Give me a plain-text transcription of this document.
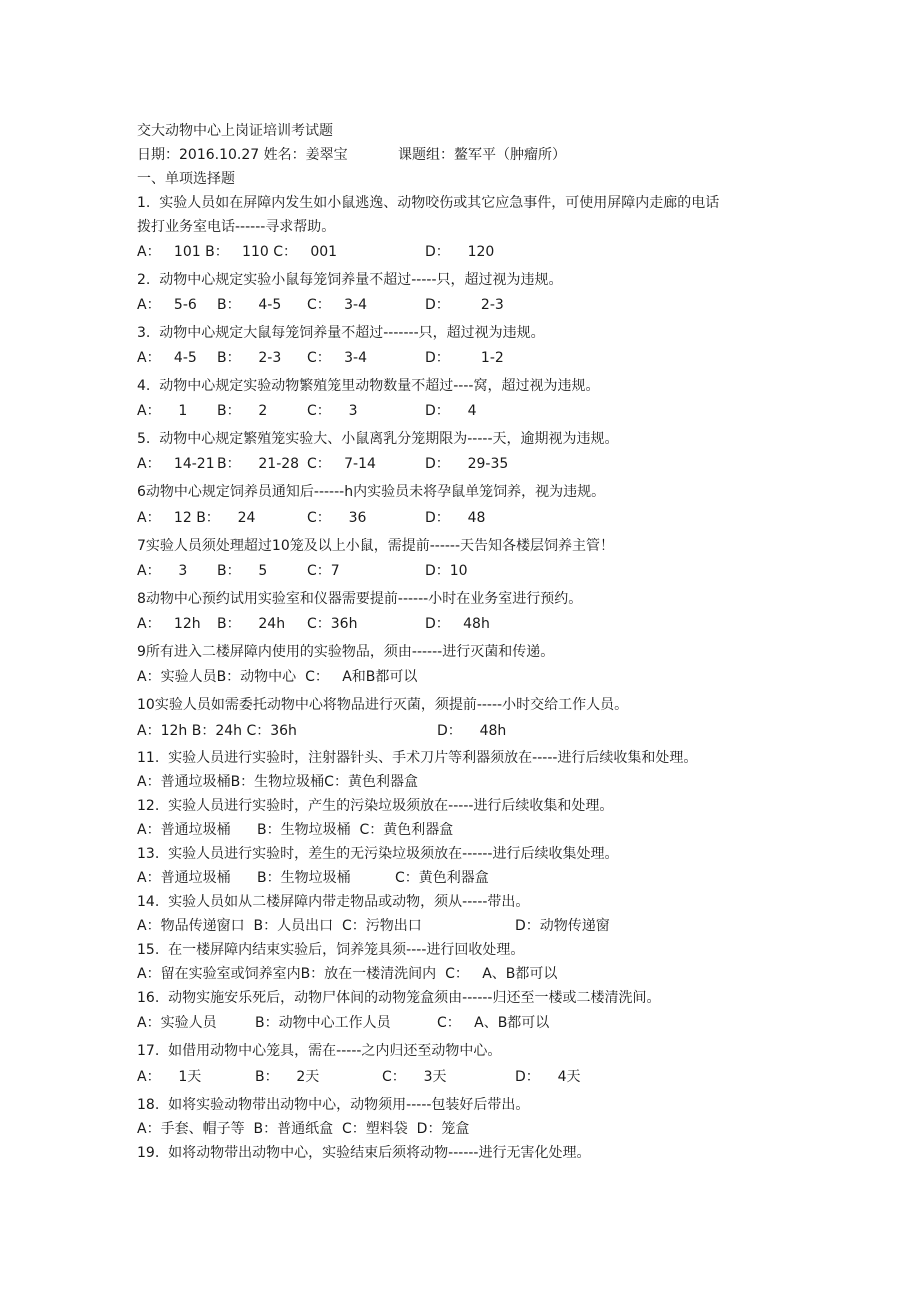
交大动物中心上岗证培训考试题
日期：2016.10.27 姓名：姜翠宝	课题组：鳌军平（肿瘤所）
一、单项选择题
1.  实验人员如在屏障内发生如小鼠逃逸、动物咬伤或其它应急事件，可使用屏障内走廊的电话
拨打业务室电话------寻求帮助。

A：   101 B：   110 C：   001

	D：    120

2.  动物中心规定实验小鼠每笼饲养量不超过-----只，超过视为违规。

A：   5-6

B：    4-5

C：   3-4

	D：       2-3

3.  动物中心规定大鼠每笼饲养量不超过-------只，超过视为违规。

A：   4-5

B：    2-3

C：   3-4

	D：       1-2

4.  动物中心规定实验动物繁殖笼里动物数量不超过----窝，超过视为违规。

A：    1

B：    2

	C：    3

	D：    4

5.  动物中心规定繁殖笼实验大、小鼠离乳分笼期限为-----天，逾期视为违规。

A：   14-21

B：    21-28

C：   7-14

	D：    29-35

6动物中心规定饲养员通知后------h内实验员未将孕鼠单笼饲养，视为违规。

A：   12 B：    24

	C：    36

	D：    48

7实验人员须处理超过10笼及以上小鼠，需提前------天告知各楼层饲养主管！

A：    3

B：    5

	C：7

	D：10

8动物中心预约试用实验室和仪器需要提前------小时在业务室进行预约。

A：   12h

B：    24h

C：36h

	D：   48h

9所有进入二楼屏障内使用的实验物品，须由------进行灭菌和传递。

A：实验人员B：动物中心  C：   A和B都可以

10实验人员如需委托动物中心将物品进行灭菌，须提前-----小时交给工作人员。

A：12h B：24h C：36h

	D：    48h

11.  实验人员进行实验时，注射器针头、手术刀片等利器须放在-----进行后续收集和处理。

A：普通垃圾桶B：生物垃圾桶C：黄色利器盒

12.  实验人员进行实验时，产生的污染垃圾须放在-----进行后续收集和处理。

A：普通垃圾桶

B：生物垃圾桶  C：黄色利器盒

13.  实验人员进行实验时，差生的无污染垃圾须放在------进行后续收集处理。

A：普通垃圾桶

B：生物垃圾桶

	C：黄色利器盒

14.  实验人员如从二楼屏障内带走物品或动物，须从-----带出。

A：物品传递窗口  B：人员出口  C：污物出口

	D：动物传递窗

15.  在一楼屏障内结束实验后，饲养笼具须----进行回收处理。

A：留在实验室或饲养室内B：放在一楼清洗间内  C：   A、B都可以

16.  动物实施安乐死后，动物尸体间的动物笼盒须由------归还至一楼或二楼清洗间。

A：实验人员

	B：动物中心工作人员

	C：   A、B都可以

17.  如借用动物中心笼具，需在-----之内归还至动物中心。

A：    1天

	B：    2天

	C：    3天

	D：    4天

18.  如将实验动物带出动物中心，动物须用-----包装好后带出。

A：手套、帽子等  B：普通纸盒  C：塑料袋  D：笼盒

19.  如将动物带出动物中心，实验结束后须将动物------进行无害化处理。
